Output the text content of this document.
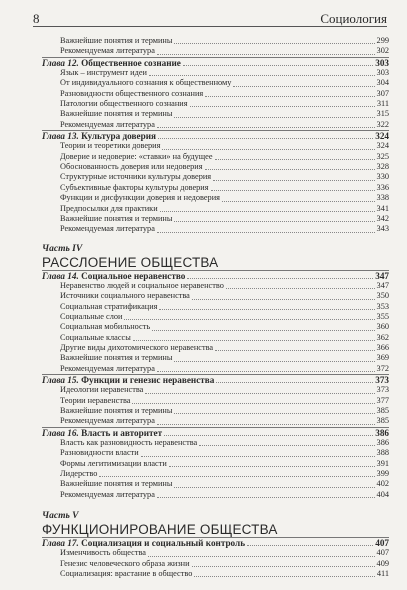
8	Социология
Важнейшие понятия и термины	299
Рекомендуемая литература	302
Глава 12. Общественное сознание	303
Язык – инструмент идеи	303
От индивидуального сознания к общественному	304
Разновидности общественного сознания	307
Патологии общественного сознания	311
Важнейшие понятия и термины	315
Рекомендуемая литература	322
Глава 13. Культура доверия	324
Теории и теоретики доверия	324
Доверие и недоверие: «ставки» на будущее	325
Обоснованность доверия или недоверия	328
Структурные источники культуры доверия	330
Субъективные факторы культуры доверия	336
Функции и дисфункции доверия и недоверия	338
Предпосылки для практики	341
Важнейшие понятия и термины	342
Рекомендуемая литература	343
Часть IV
РАССЛОЕНИЕ ОБЩЕСТВА
Глава 14. Социальное неравенство	347
Неравенство людей и социальное неравенство	347
Источники социального неравенства	350
Социальная стратификация	353
Социальные слои	355
Социальная мобильность	360
Социальные классы	362
Другие виды дихотомического неравенства	366
Важнейшие понятия и термины	369
Рекомендуемая литература	372
Глава 15. Функции и генезис неравенства	373
Идеологии неравенства	373
Теории неравенства	377
Важнейшие понятия и термины	385
Рекомендуемая литература	385
Глава 16. Власть и авторитет	386
Власть как разновидность неравенства	386
Разновидности власти	388
Формы легитимизации власти	391
Лидерство	399
Важнейшие понятия и термины	402
Рекомендуемая литература	404
Часть V
ФУНКЦИОНИРОВАНИЕ ОБЩЕСТВА
Глава 17. Социализация и социальный контроль	407
Изменчивость общества	407
Генезис человеческого образа жизни	409
Социализация: врастание в общество	411
